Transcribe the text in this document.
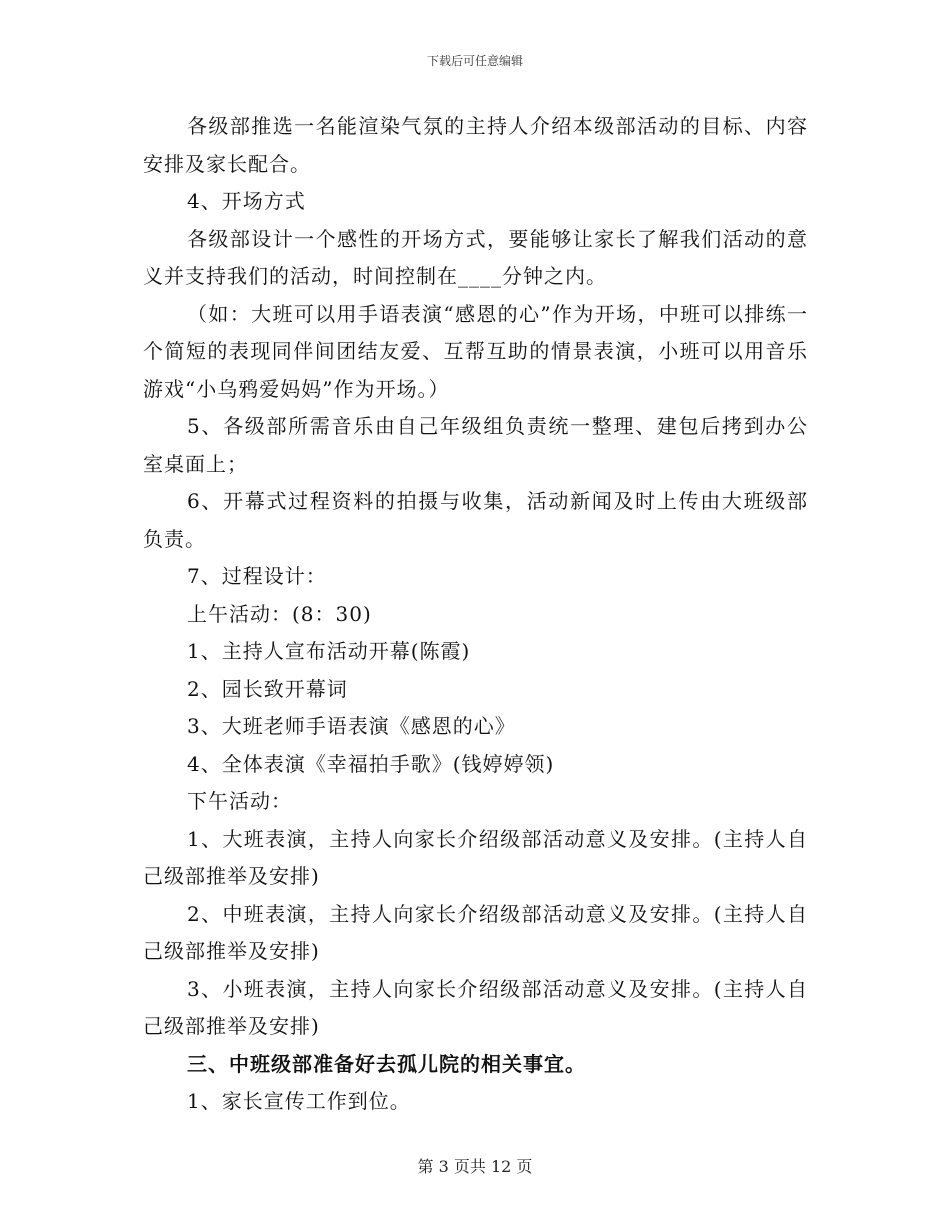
下载后可任意编辑

各级部推选一名能渲染气氛的主持人介绍本级部活动的目标、内容安排及家长配合。

4、开场方式

各级部设计一个感性的开场方式，要能够让家长了解我们活动的意义并支持我们的活动，时间控制在____分钟之内。

（如：大班可以用手语表演“感恩的心”作为开场，中班可以排练一个简短的表现同伴间团结友爱、互帮互助的情景表演，小班可以用音乐游戏“小乌鸦爱妈妈”作为开场。）

5、各级部所需音乐由自己年级组负责统一整理、建包后拷到办公室桌面上；

6、开幕式过程资料的拍摄与收集，活动新闻及时上传由大班级部负责。

7、过程设计：

上午活动：(8：30)

1、主持人宣布活动开幕(陈霞)

2、园长致开幕词

3、大班老师手语表演《感恩的心》

4、全体表演《幸福拍手歌》(钱婷婷领)

下午活动：

1、大班表演，主持人向家长介绍级部活动意义及安排。(主持人自己级部推举及安排)

2、中班表演，主持人向家长介绍级部活动意义及安排。(主持人自己级部推举及安排)

3、小班表演，主持人向家长介绍级部活动意义及安排。(主持人自己级部推举及安排)

三、中班级部准备好去孤儿院的相关事宜。

1、家长宣传工作到位。

第 3 页共 12 页
